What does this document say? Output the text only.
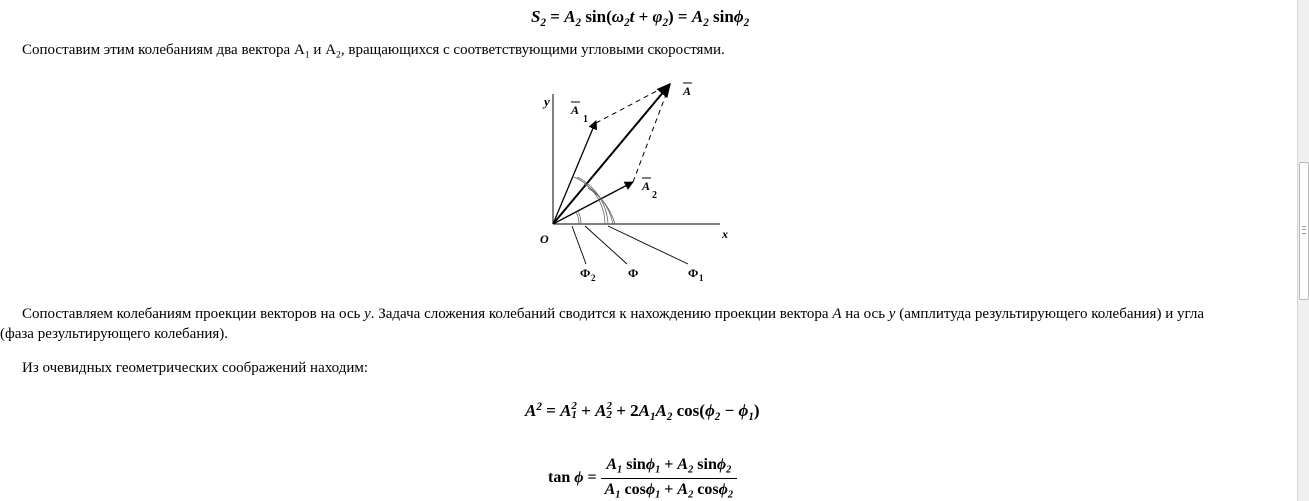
$S_2 = A_2$ $\sin(\omega_2t + \varphi_2) = A_2$ sinϕ$_2$
Сопоставим этим колебаниям два вектора $А_1$ и $А_2$, вращающихся с соответствующими угловыми скоростями.
y
x
O
A
A
1
A
2
Ф 2	Ф	Ф 1
Сопоставляем колебаниям проекции векторов на ось у. Задача сложения колебаний сводится к нахождению проекции вектора А на ось у (амплитуда результирующего колебания) и угла
(фаза результирующего колебания).
Из очевидных геометрических соображений находим:
$A^2 = A$ 2
1 + A 2
$2 + 2A_1A_2$ $\cos(\phi_2 - \phi_1)$
$\tan \phi = \frac{A_1 \sin\phi_1 + A_2 \sin\phi_2}{A_1 \cos\phi_1 + A_2 \cos\phi_2}$
